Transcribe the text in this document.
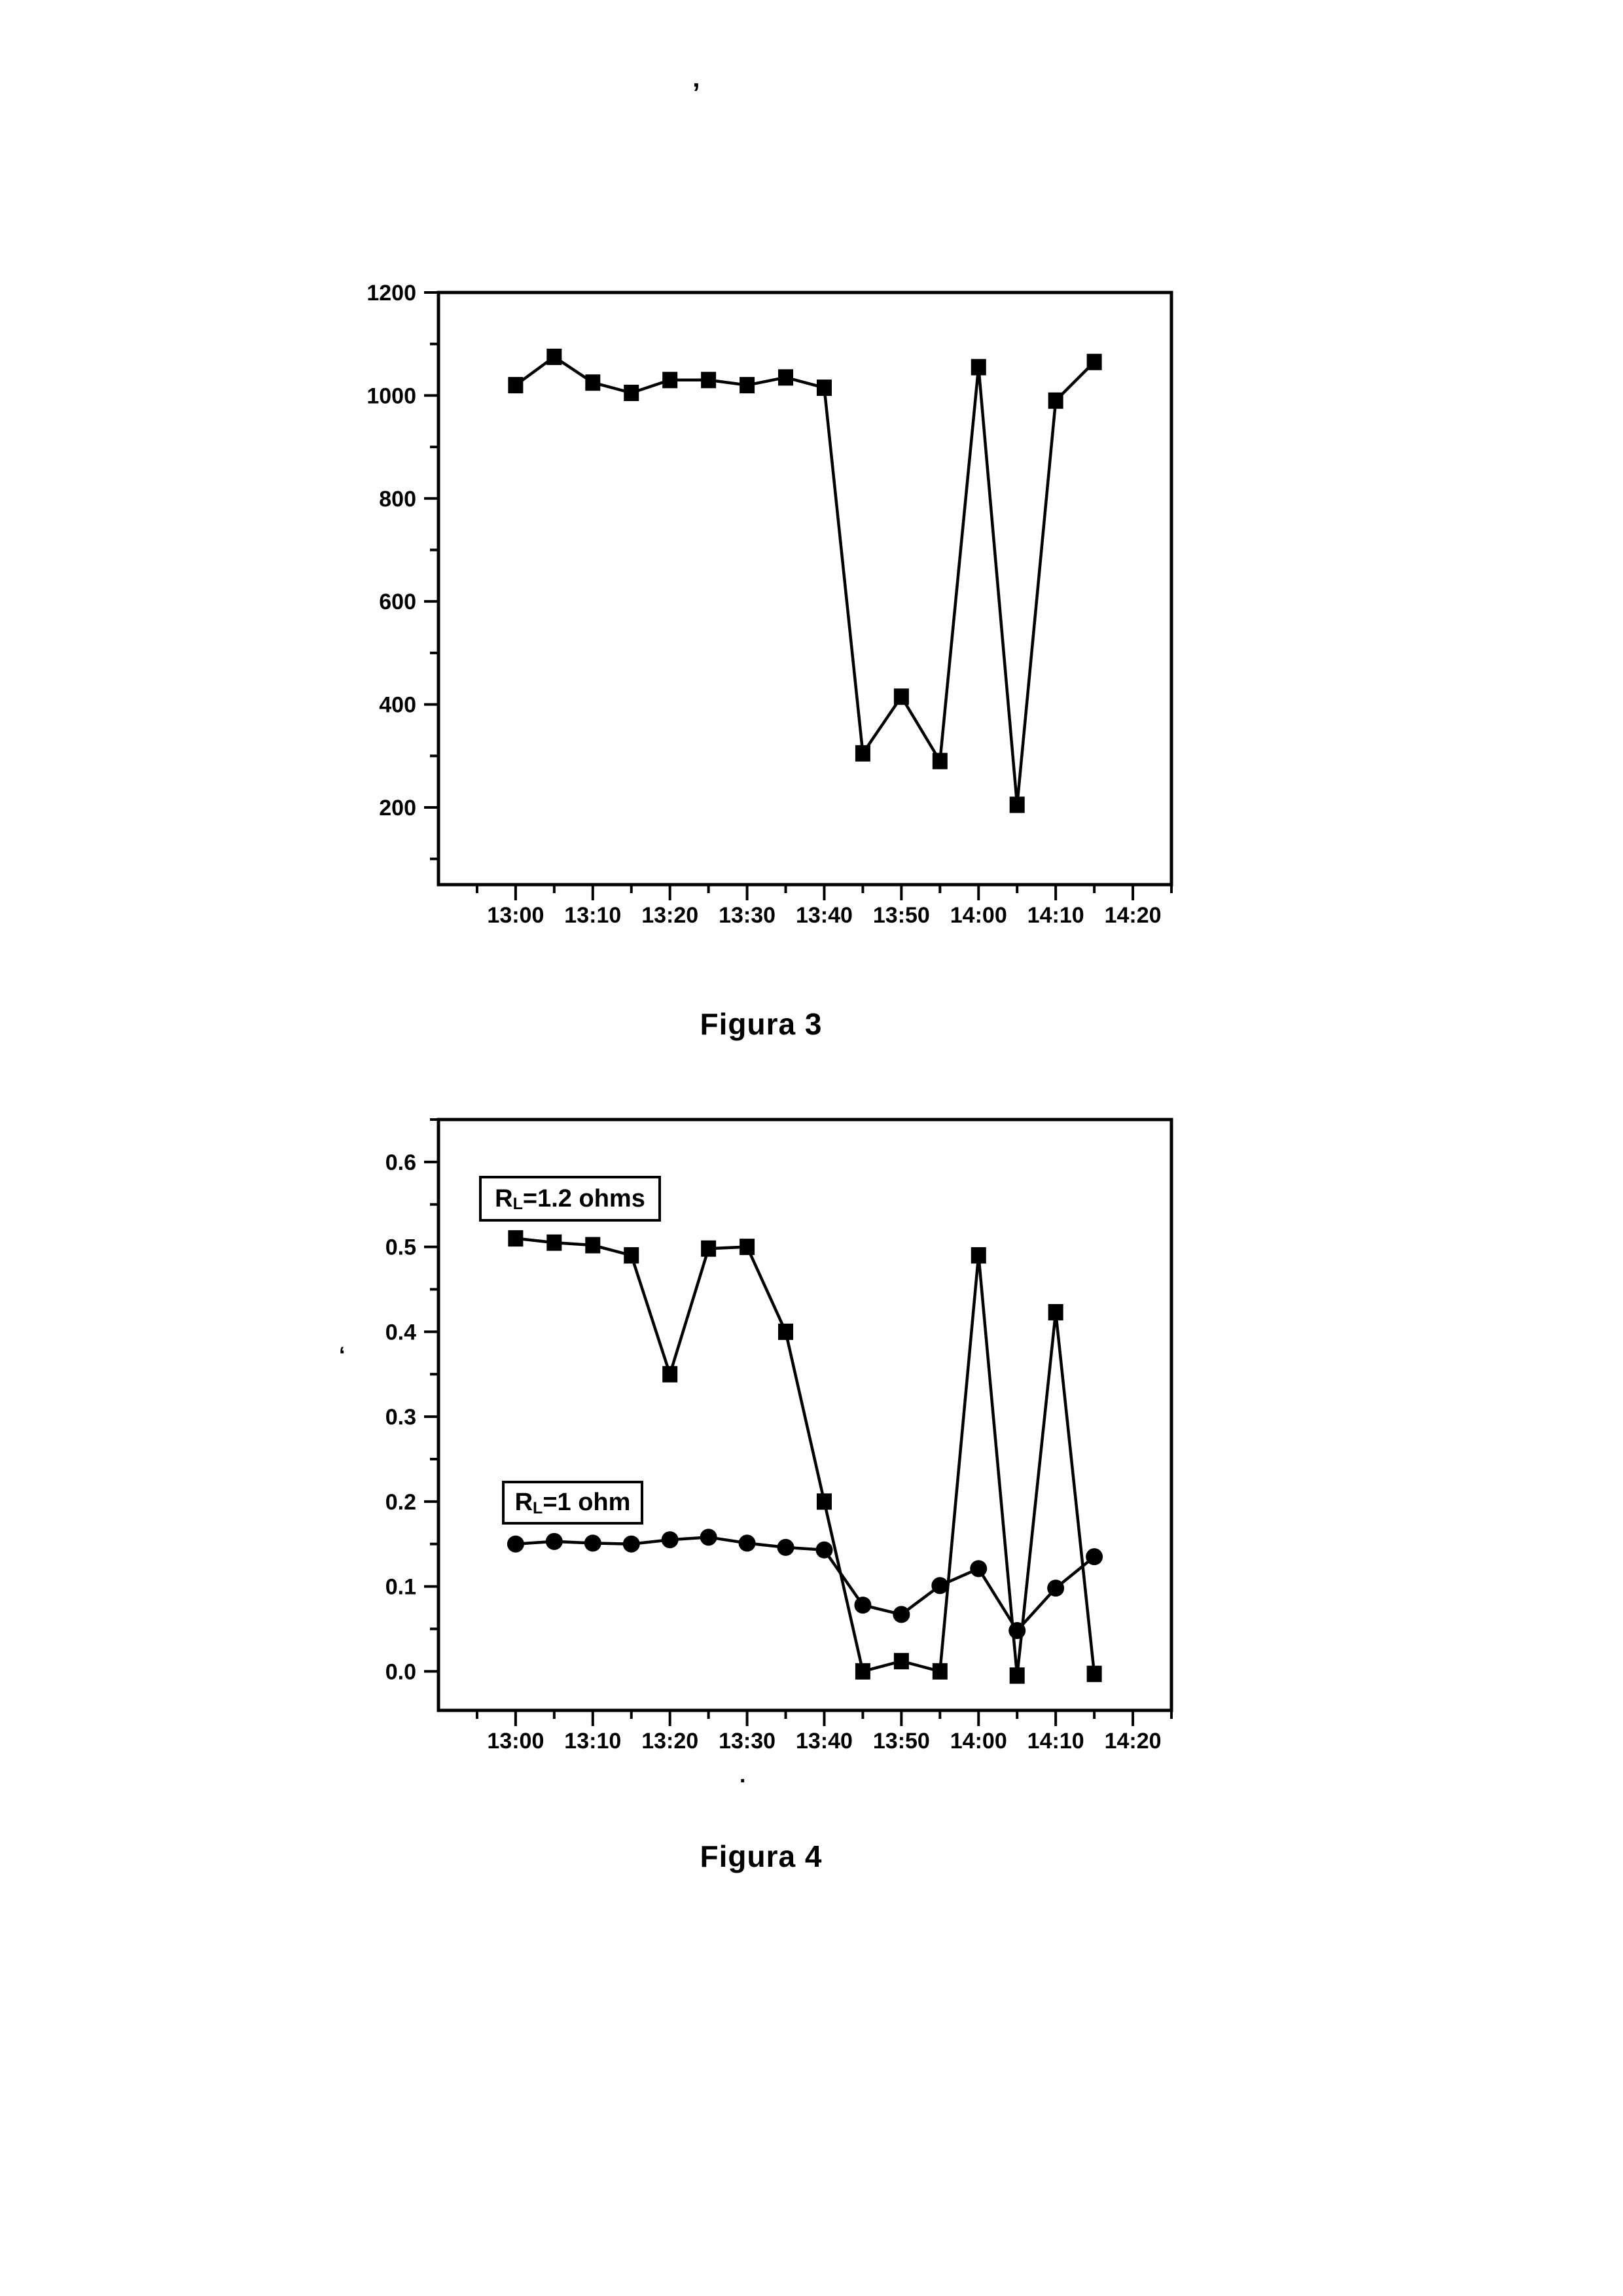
’
13:00 13:10 13:20 13:30 13:40 13:50 14:00 14:10 14:20
200
400
600
800
1000
1200
Figura 3
13:00 13:10 13:20 13:30 13:40 13:50 14:00 14:10 14:20
0.0
0.1
0.2
0.3
0.4
0.5
0.6
$R_L =1.2$ ohms
$R_L =1$ ohm
‘
.
Figura 4
